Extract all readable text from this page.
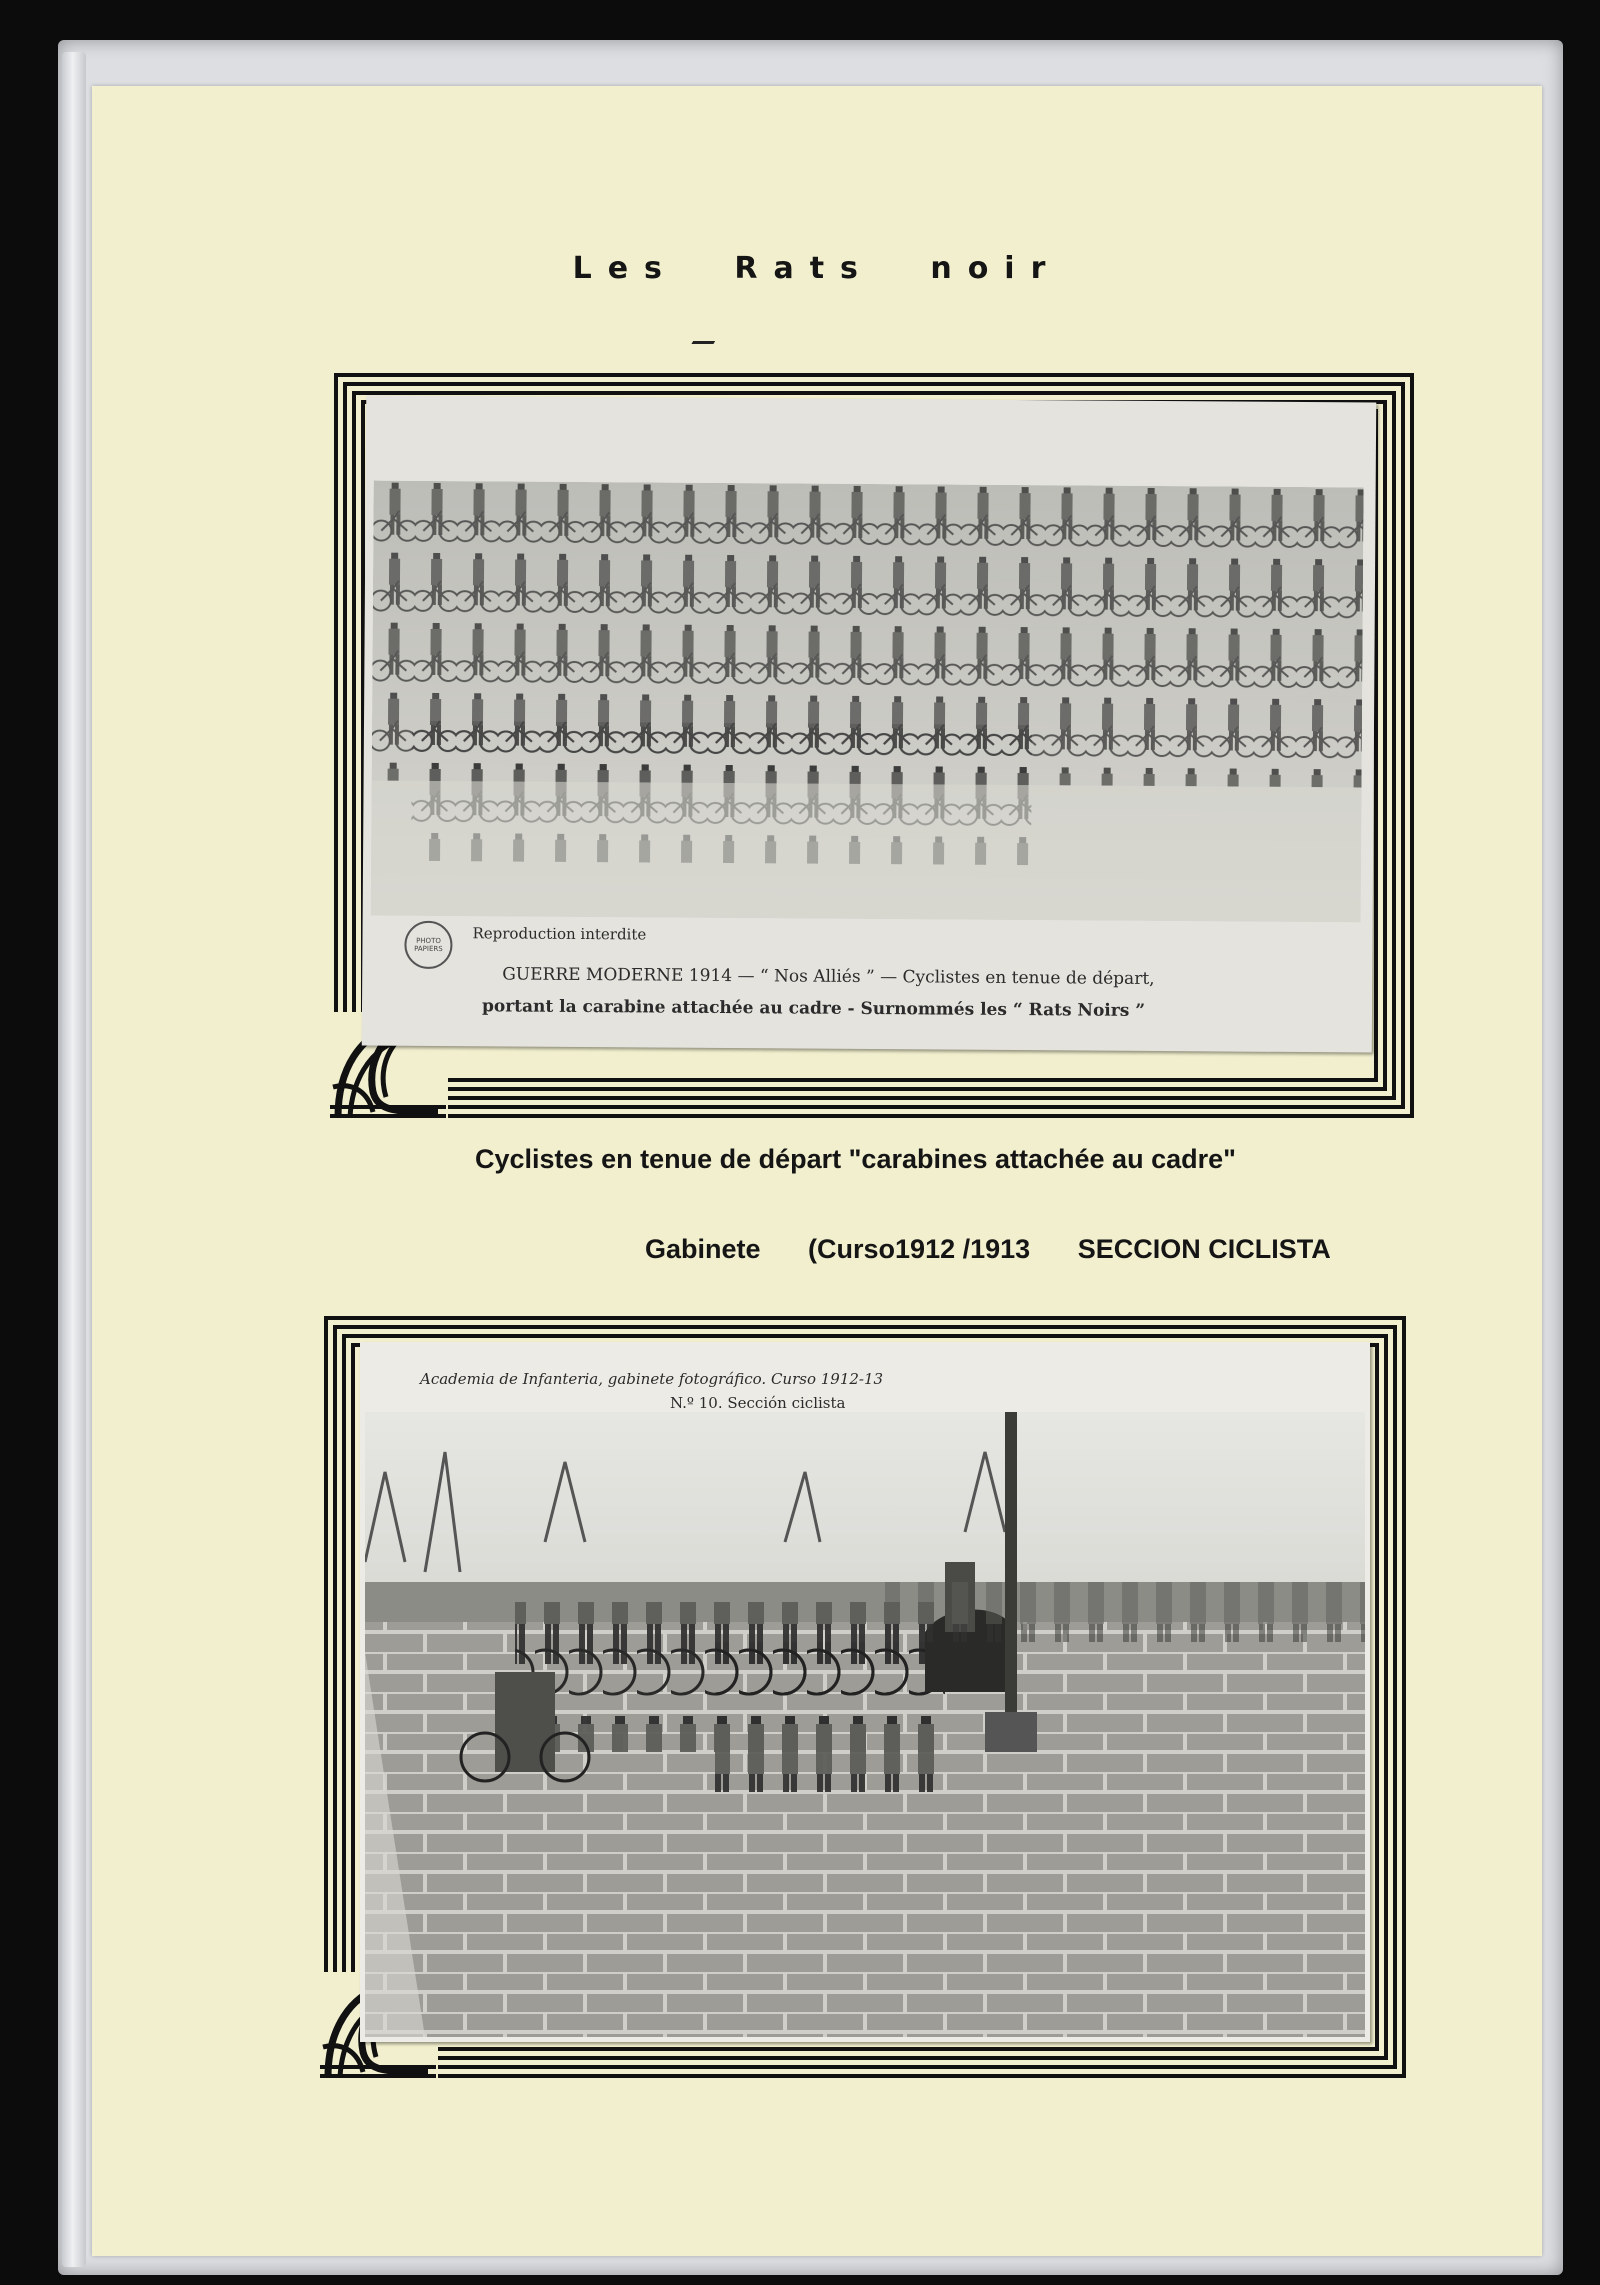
Les Rats noir
PHOTO PAPIERS
Reproduction interdite
GUERRE MODERNE 1914 — “ Nos Alliés ” — Cyclistes en tenue de départ,
portant la carabine attachée au cadre - Surnommés les “ Rats Noirs ”
Cyclistes en tenue de départ "carabines attachée au cadre"
Gabinete (Curso1912 /1913 SECCION CICLISTA
Academia de Infanteria, gabinete fotográfico. Curso 1912-13
N.º 10. Sección ciclista
